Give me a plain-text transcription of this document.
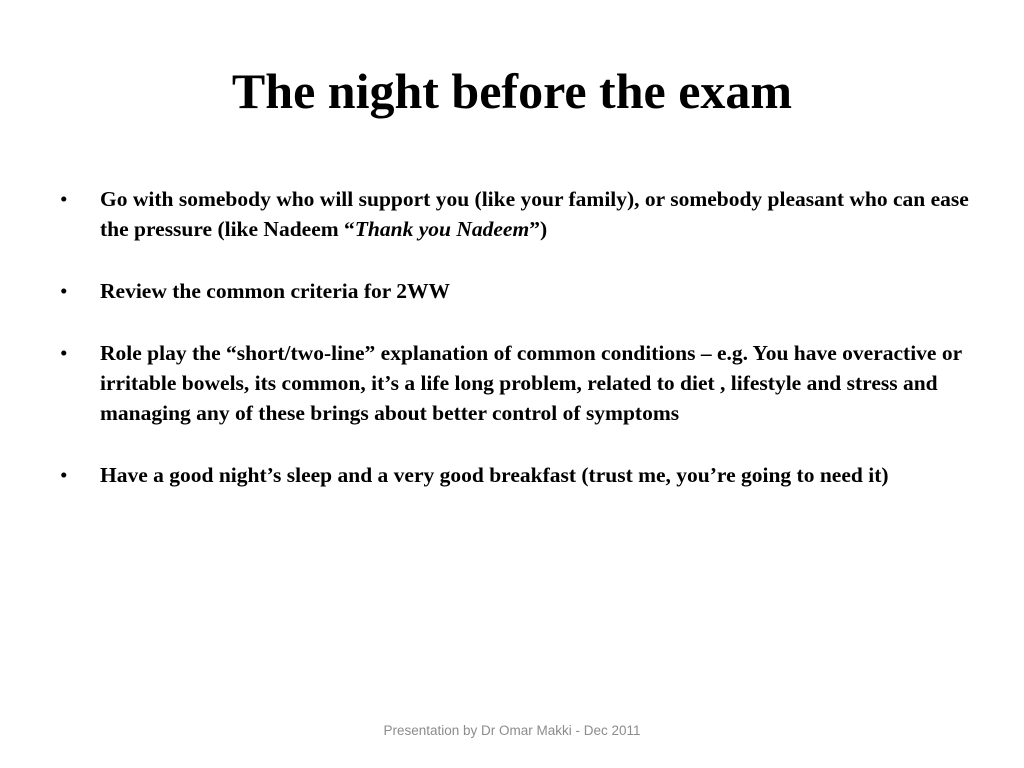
The night before the exam
• Go with somebody who will support you (like your family), or somebody pleasant who can ease the pressure (like Nadeem “Thank you Nadeem”)
• Review the common criteria for 2WW
• Role play the “short/two-line” explanation of common conditions – e.g. You have overactive or irritable bowels, its common, it’s a life long problem, related to diet , lifestyle and stress and managing any of these brings about better control of symptoms
• Have a good night’s sleep and a very good breakfast (trust me, you’re going to need it)
Presentation by Dr Omar Makki - Dec 2011
